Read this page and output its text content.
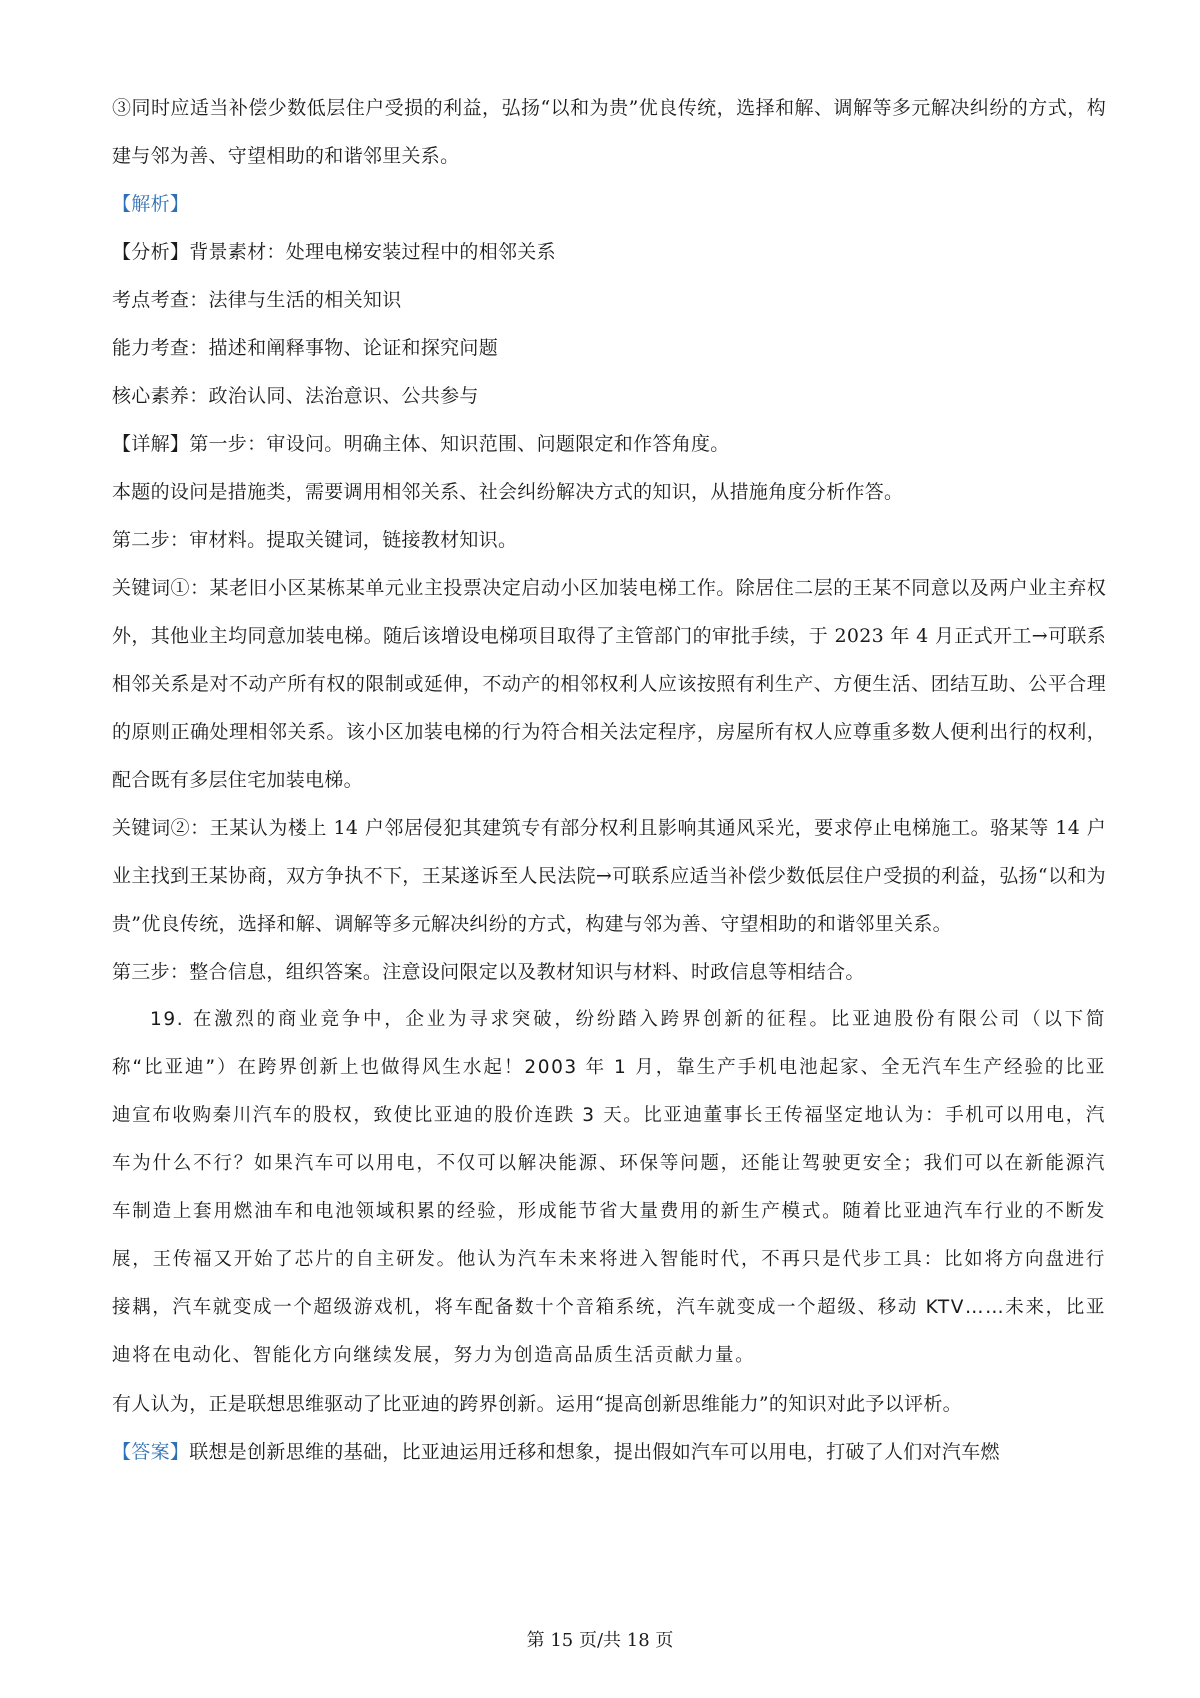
③同时应适当补偿少数低层住户受损的利益，弘扬“以和为贵”优良传统，选择和解、调解等多元解决纠纷的方式，构建与邻为善、守望相助的和谐邻里关系。

【解析】

【分析】背景素材：处理电梯安装过程中的相邻关系

考点考查：法律与生活的相关知识

能力考查：描述和阐释事物、论证和探究问题

核心素养：政治认同、法治意识、公共参与

【详解】第一步：审设问。明确主体、知识范围、问题限定和作答角度。

本题的设问是措施类，需要调用相邻关系、社会纠纷解决方式的知识，从措施角度分析作答。

第二步：审材料。提取关键词，链接教材知识。

关键词①：某老旧小区某栋某单元业主投票决定启动小区加装电梯工作。除居住二层的王某不同意以及两户业主弃权外，其他业主均同意加装电梯。随后该增设电梯项目取得了主管部门的审批手续，于 2023 年 4 月正式开工→可联系相邻关系是对不动产所有权的限制或延伸，不动产的相邻权利人应该按照有利生产、方便生活、团结互助、公平合理的原则正确处理相邻关系。该小区加装电梯的行为符合相关法定程序，房屋所有权人应尊重多数人便利出行的权利，配合既有多层住宅加装电梯。

关键词②：王某认为楼上 14 户邻居侵犯其建筑专有部分权利且影响其通风采光，要求停止电梯施工。骆某等 14 户业主找到王某协商，双方争执不下，王某遂诉至人民法院→可联系应适当补偿少数低层住户受损的利益，弘扬“以和为贵”优良传统，选择和解、调解等多元解决纠纷的方式，构建与邻为善、守望相助的和谐邻里关系。

第三步：整合信息，组织答案。注意设问限定以及教材知识与材料、时政信息等相结合。

19. 在激烈的商业竞争中，企业为寻求突破，纷纷踏入跨界创新的征程。比亚迪股份有限公司（以下简称“比亚迪”）在跨界创新上也做得风生水起！2003 年 1 月，靠生产手机电池起家、全无汽车生产经验的比亚迪宣布收购秦川汽车的股权，致使比亚迪的股价连跌 3 天。比亚迪董事长王传福坚定地认为：手机可以用电，汽车为什么不行？如果汽车可以用电，不仅可以解决能源、环保等问题，还能让驾驶更安全；我们可以在新能源汽车制造上套用燃油车和电池领域积累的经验，形成能节省大量费用的新生产模式。随着比亚迪汽车行业的不断发展，王传福又开始了芯片的自主研发。他认为汽车未来将进入智能时代，不再只是代步工具：比如将方向盘进行接耦，汽车就变成一个超级游戏机，将车配备数十个音箱系统，汽车就变成一个超级、移动 KTV……未来，比亚迪将在电动化、智能化方向继续发展，努力为创造高品质生活贡献力量。

有人认为，正是联想思维驱动了比亚迪的跨界创新。运用“提高创新思维能力”的知识对此予以评析。

【答案】联想是创新思维的基础，比亚迪运用迁移和想象，提出假如汽车可以用电，打破了人们对汽车燃

第 15 页/共 18 页
